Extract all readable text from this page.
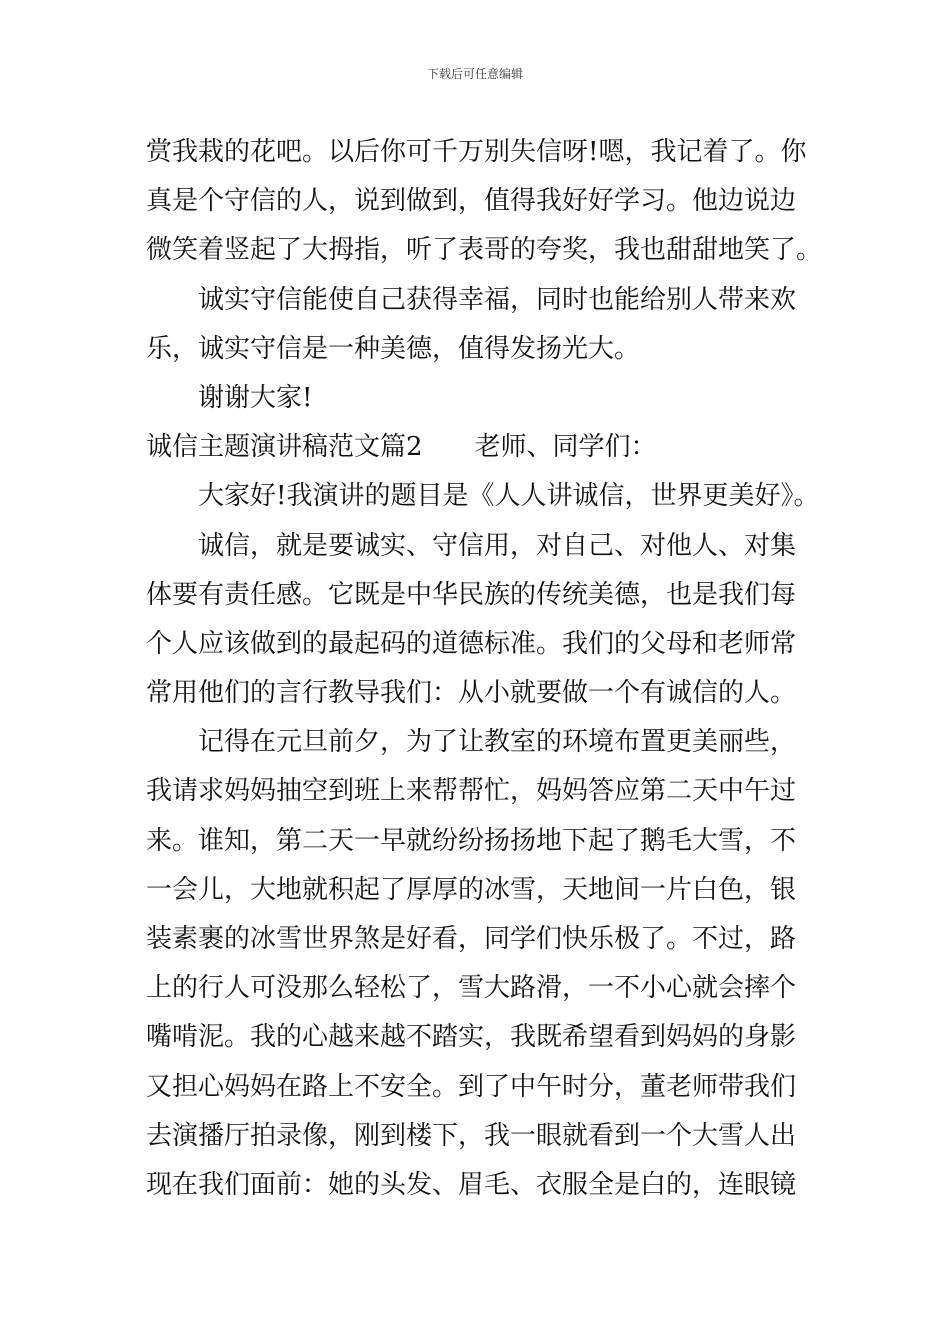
下载后可任意编辑
赏我栽的花吧。以后你可千万别失信呀!嗯，我记着了。你
真是个守信的人，说到做到，值得我好好学习。他边说边
微笑着竖起了大拇指，听了表哥的夸奖，我也甜甜地笑了。
诚实守信能使自己获得幸福，同时也能给别人带来欢
乐，诚实守信是一种美德，值得发扬光大。
谢谢大家!
诚信主题演讲稿范文篇2　　老师、同学们：
大家好!我演讲的题目是《人人讲诚信，世界更美好》。
诚信，就是要诚实、守信用，对自己、对他人、对集
体要有责任感。它既是中华民族的传统美德，也是我们每
个人应该做到的最起码的道德标准。我们的父母和老师常
常用他们的言行教导我们：从小就要做一个有诚信的人。
记得在元旦前夕，为了让教室的环境布置更美丽些，
我请求妈妈抽空到班上来帮帮忙，妈妈答应第二天中午过
来。谁知，第二天一早就纷纷扬扬地下起了鹅毛大雪，不
一会儿，大地就积起了厚厚的冰雪，天地间一片白色，银
装素裹的冰雪世界煞是好看，同学们快乐极了。不过，路
上的行人可没那么轻松了，雪大路滑，一不小心就会摔个
嘴啃泥。我的心越来越不踏实，我既希望看到妈妈的身影
又担心妈妈在路上不安全。到了中午时分，董老师带我们
去演播厅拍录像，刚到楼下，我一眼就看到一个大雪人出
现在我们面前：她的头发、眉毛、衣服全是白的，连眼镜
